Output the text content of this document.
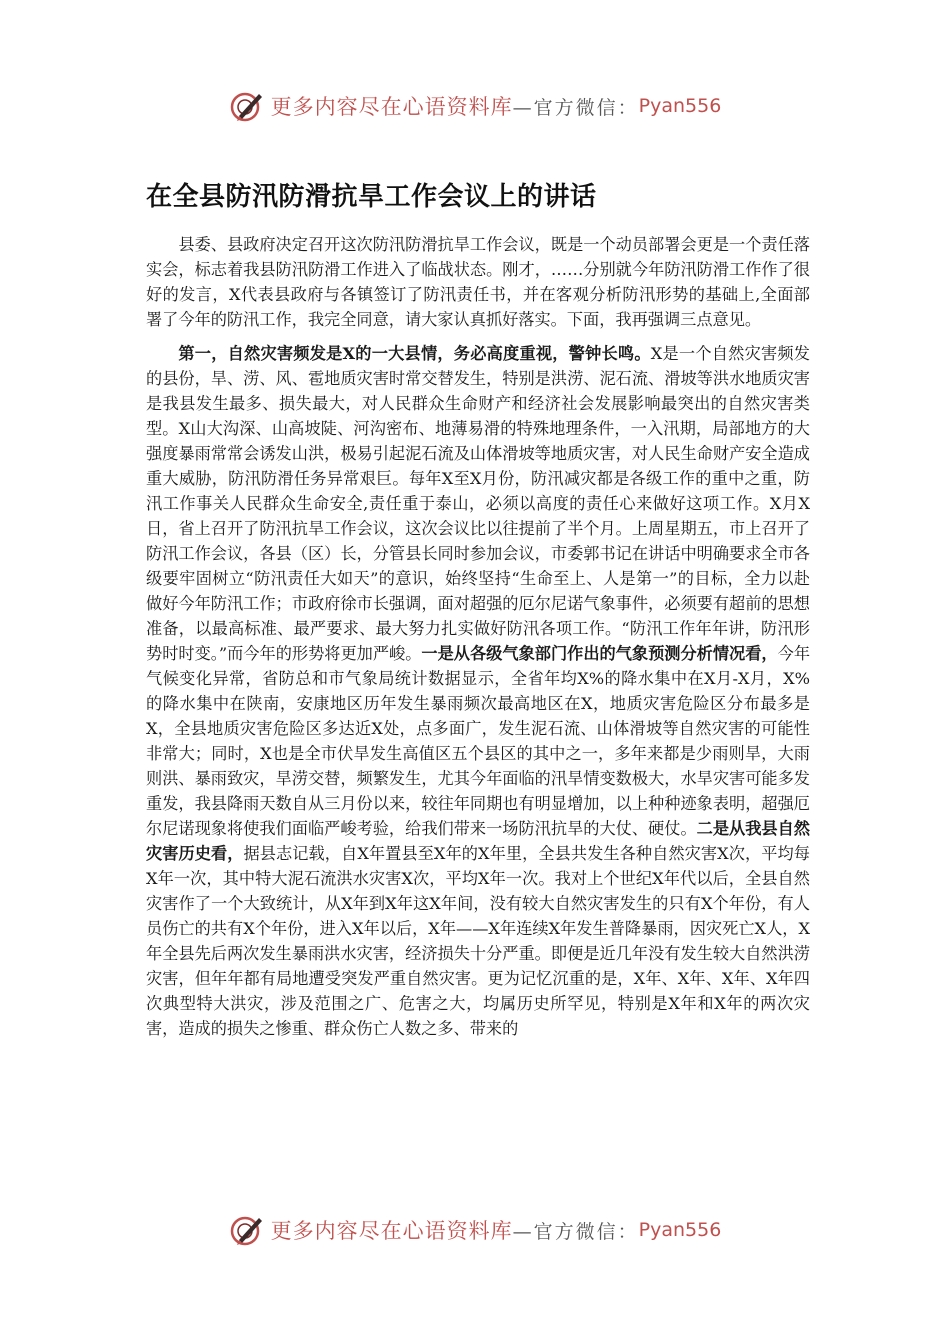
更多内容尽在心语资料库 —官方微信： Pyan556
在全县防汛防滑抗旱工作会议上的讲话

县委、县政府决定召开这次防汛防滑抗旱工作会议，既是一个动员部署会更是一个责任落实会，标志着我县防汛防滑工作进入了临战状态。刚才，……分别就今年防汛防滑工作作了很好的发言，X代表县政府与各镇签订了防汛责任书，并在客观分析防汛形势的基础上,全面部署了今年的防汛工作，我完全同意，请大家认真抓好落实。下面，我再强调三点意见。

第一，自然灾害频发是X的一大县情，务必高度重视，警钟长鸣。X是一个自然灾害频发的县份，旱、涝、风、雹地质灾害时常交替发生，特别是洪涝、泥石流、滑坡等洪水地质灾害是我县发生最多、损失最大，对人民群众生命财产和经济社会发展影响最突出的自然灾害类型。X山大沟深、山高坡陡、河沟密布、地薄易滑的特殊地理条件，一入汛期，局部地方的大强度暴雨常常会诱发山洪，极易引起泥石流及山体滑坡等地质灾害，对人民生命财产安全造成重大威胁，防汛防滑任务异常艰巨。每年X至X月份，防汛减灾都是各级工作的重中之重，防汛工作事关人民群众生命安全,责任重于泰山，必须以高度的责任心来做好这项工作。X月X日，省上召开了防汛抗旱工作会议，这次会议比以往提前了半个月。上周星期五，市上召开了防汛工作会议，各县（区）长，分管县长同时参加会议，市委郭书记在讲话中明确要求全市各级要牢固树立“防汛责任大如天”的意识，始终坚持“生命至上、人是第一”的目标，全力以赴做好今年防汛工作；市政府徐市长强调，面对超强的厄尔尼诺气象事件，必须要有超前的思想准备，以最高标准、最严要求、最大努力扎实做好防汛各项工作。“防汛工作年年讲，防汛形势时时变。”而今年的形势将更加严峻。一是从各级气象部门作出的气象预测分析情况看，今年气候变化异常，省防总和市气象局统计数据显示，全省年均X%的降水集中在X月-X月，X%的降水集中在陕南，安康地区历年发生暴雨频次最高地区在X，地质灾害危险区分布最多是X，全县地质灾害危险区多达近X处，点多面广，发生泥石流、山体滑坡等自然灾害的可能性非常大；同时，X也是全市伏旱发生高值区五个县区的其中之一，多年来都是少雨则旱，大雨则洪、暴雨致灾，旱涝交替，频繁发生，尤其今年面临的汛旱情变数极大，水旱灾害可能多发重发，我县降雨天数自从三月份以来，较往年同期也有明显增加，以上种种迹象表明，超强厄尔尼诺现象将使我们面临严峻考验，给我们带来一场防汛抗旱的大仗、硬仗。二是从我县自然灾害历史看，据县志记载，自X年置县至X年的X年里，全县共发生各种自然灾害X次，平均每X年一次，其中特大泥石流洪水灾害X次，平均X年一次。我对上个世纪X年代以后，全县自然灾害作了一个大致统计，从X年到X年这X年间，没有较大自然灾害发生的只有X个年份，有人员伤亡的共有X个年份，进入X年以后，X年——X年连续X年发生普降暴雨，因灾死亡X人，X年全县先后两次发生暴雨洪水灾害，经济损失十分严重。即便是近几年没有发生较大自然洪涝灾害，但年年都有局地遭受突发严重自然灾害。更为记忆沉重的是，X年、X年、X年、X年四次典型特大洪灾，涉及范围之广、危害之大，均属历史所罕见，特别是X年和X年的两次灾害，造成的损失之惨重、群众伤亡人数之多、带来的

更多内容尽在心语资料库 —官方微信： Pyan556
